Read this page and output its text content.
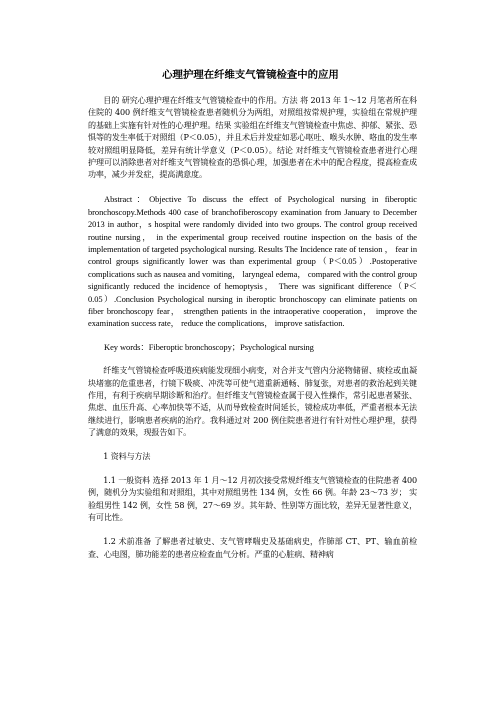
心理护理在纤维支气管镜检查中的应用
目的 研究心理护理在纤维支气管镜检查中的作用。方法 将 2013 年 1～12 月笔者所在科住院的 400 例纤维支气管镜检查患者随机分为两组，对照组按常规护理，实验组在常规护理的基础上实施有针对性的心理护理。结果 实验组在纤维支气管镜检查中焦虑、抑郁、紧张、恐惧等的发生率低于对照组（P＜0.05），并且术后并发症如恶心呕吐、喉头水肿、咯血的发生率较对照组明显降低，差异有统计学意义（P＜0.05）。结论 对纤维支气管镜检查患者进行心理护理可以消除患者对纤维支气管镜检查的恐惧心理，加强患者在术中的配合程度，提高检查成功率，减少并发症，提高满意度。
Abstract：Objective To discuss the effect of Psychological nursing in fiberoptic bronchoscopy.Methods 400 case of branchofiberoscopy examination from January to December 2013 in author，s hospital were randomly divided into two groups. The control group received routine nursing， in the experimental group received routine inspection on the basis of the implementation of targeted psychological nursing. Results The Incidence rate of tension ， fear in control groups significantly lower was than experimental group（P＜0.05）.Postoperative complications such as nausea and vomiting， laryngeal edema， compared with the control group significantly reduced the incidence of hemoptysis， There was significant difference（P＜0.05）.Conclusion Psychological nursing in iberoptic bronchoscopy can eliminate patients on fiber bronchoscopy fear， strengthen patients in the intraoperative cooperation， improve the examination success rate， reduce the complications， improve satisfaction.
Key words：Fiberoptic bronchoscopy；Psychological nursing
纤维支气管镜检查呼吸道疾病能发现细小病变，对合并支气管内分泌物储留、痰栓或血凝块堵塞的危重患者，行镜下吸痰、冲洗等可使气道重新通畅、肺复张，对患者的救治起到关键作用，有利于疾病早期诊断和治疗。但纤维支气管镜检查属于侵入性操作，常引起患者紧张、焦虑、血压升高、心率加快等不适，从而导致检查时间延长，镜检成功率低，严重者根本无法继续进行，影响患者疾病的治疗。我科通过对 200 例住院患者进行有针对性心理护理，获得了满意的效果，现报告如下。
1 资料与方法
1.1 一般资料 选择 2013 年 1 月～12 月初次接受常规纤维支气管镜检查的住院患者 400 例，随机分为实验组和对照组，其中对照组男性 134 例，女性 66 例。年龄 23～73 岁； 实验组男性 142 例，女性 58 例，27～69 岁。其年龄、性别等方面比较，差异无显著性意义，有可比性。
1.2 术前准备 了解患者过敏史、支气管哮喘史及基础病史，作肺部 CT、PT、输血前检查、心电图，肺功能差的患者应检查血气分析。严重的心脏病、精神病
